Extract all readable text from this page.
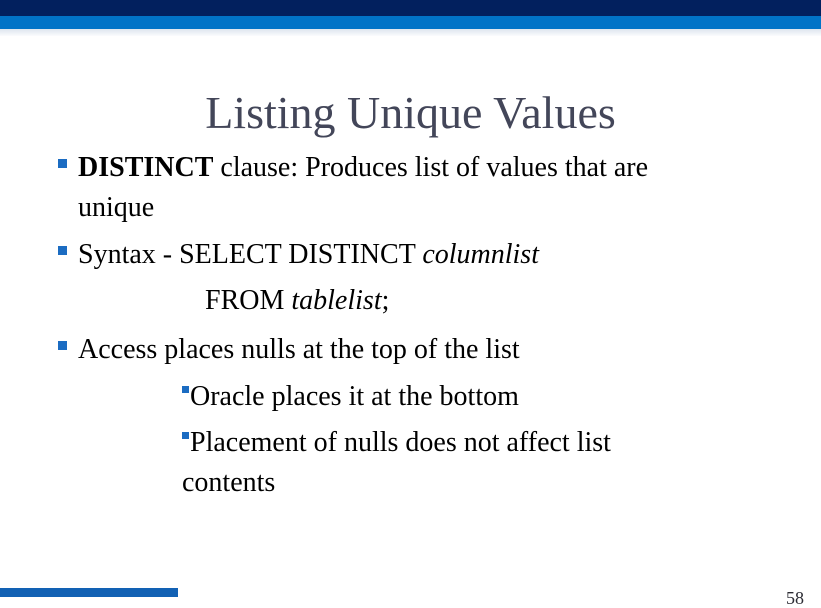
Listing Unique Values
DISTINCT clause: Produces list of values that are
unique
Syntax - SELECT DISTINCT columnlist
FROM tablelist;
Access places nulls at the top of the list
Oracle places it at the bottom
Placement of nulls does not affect list
contents
58
